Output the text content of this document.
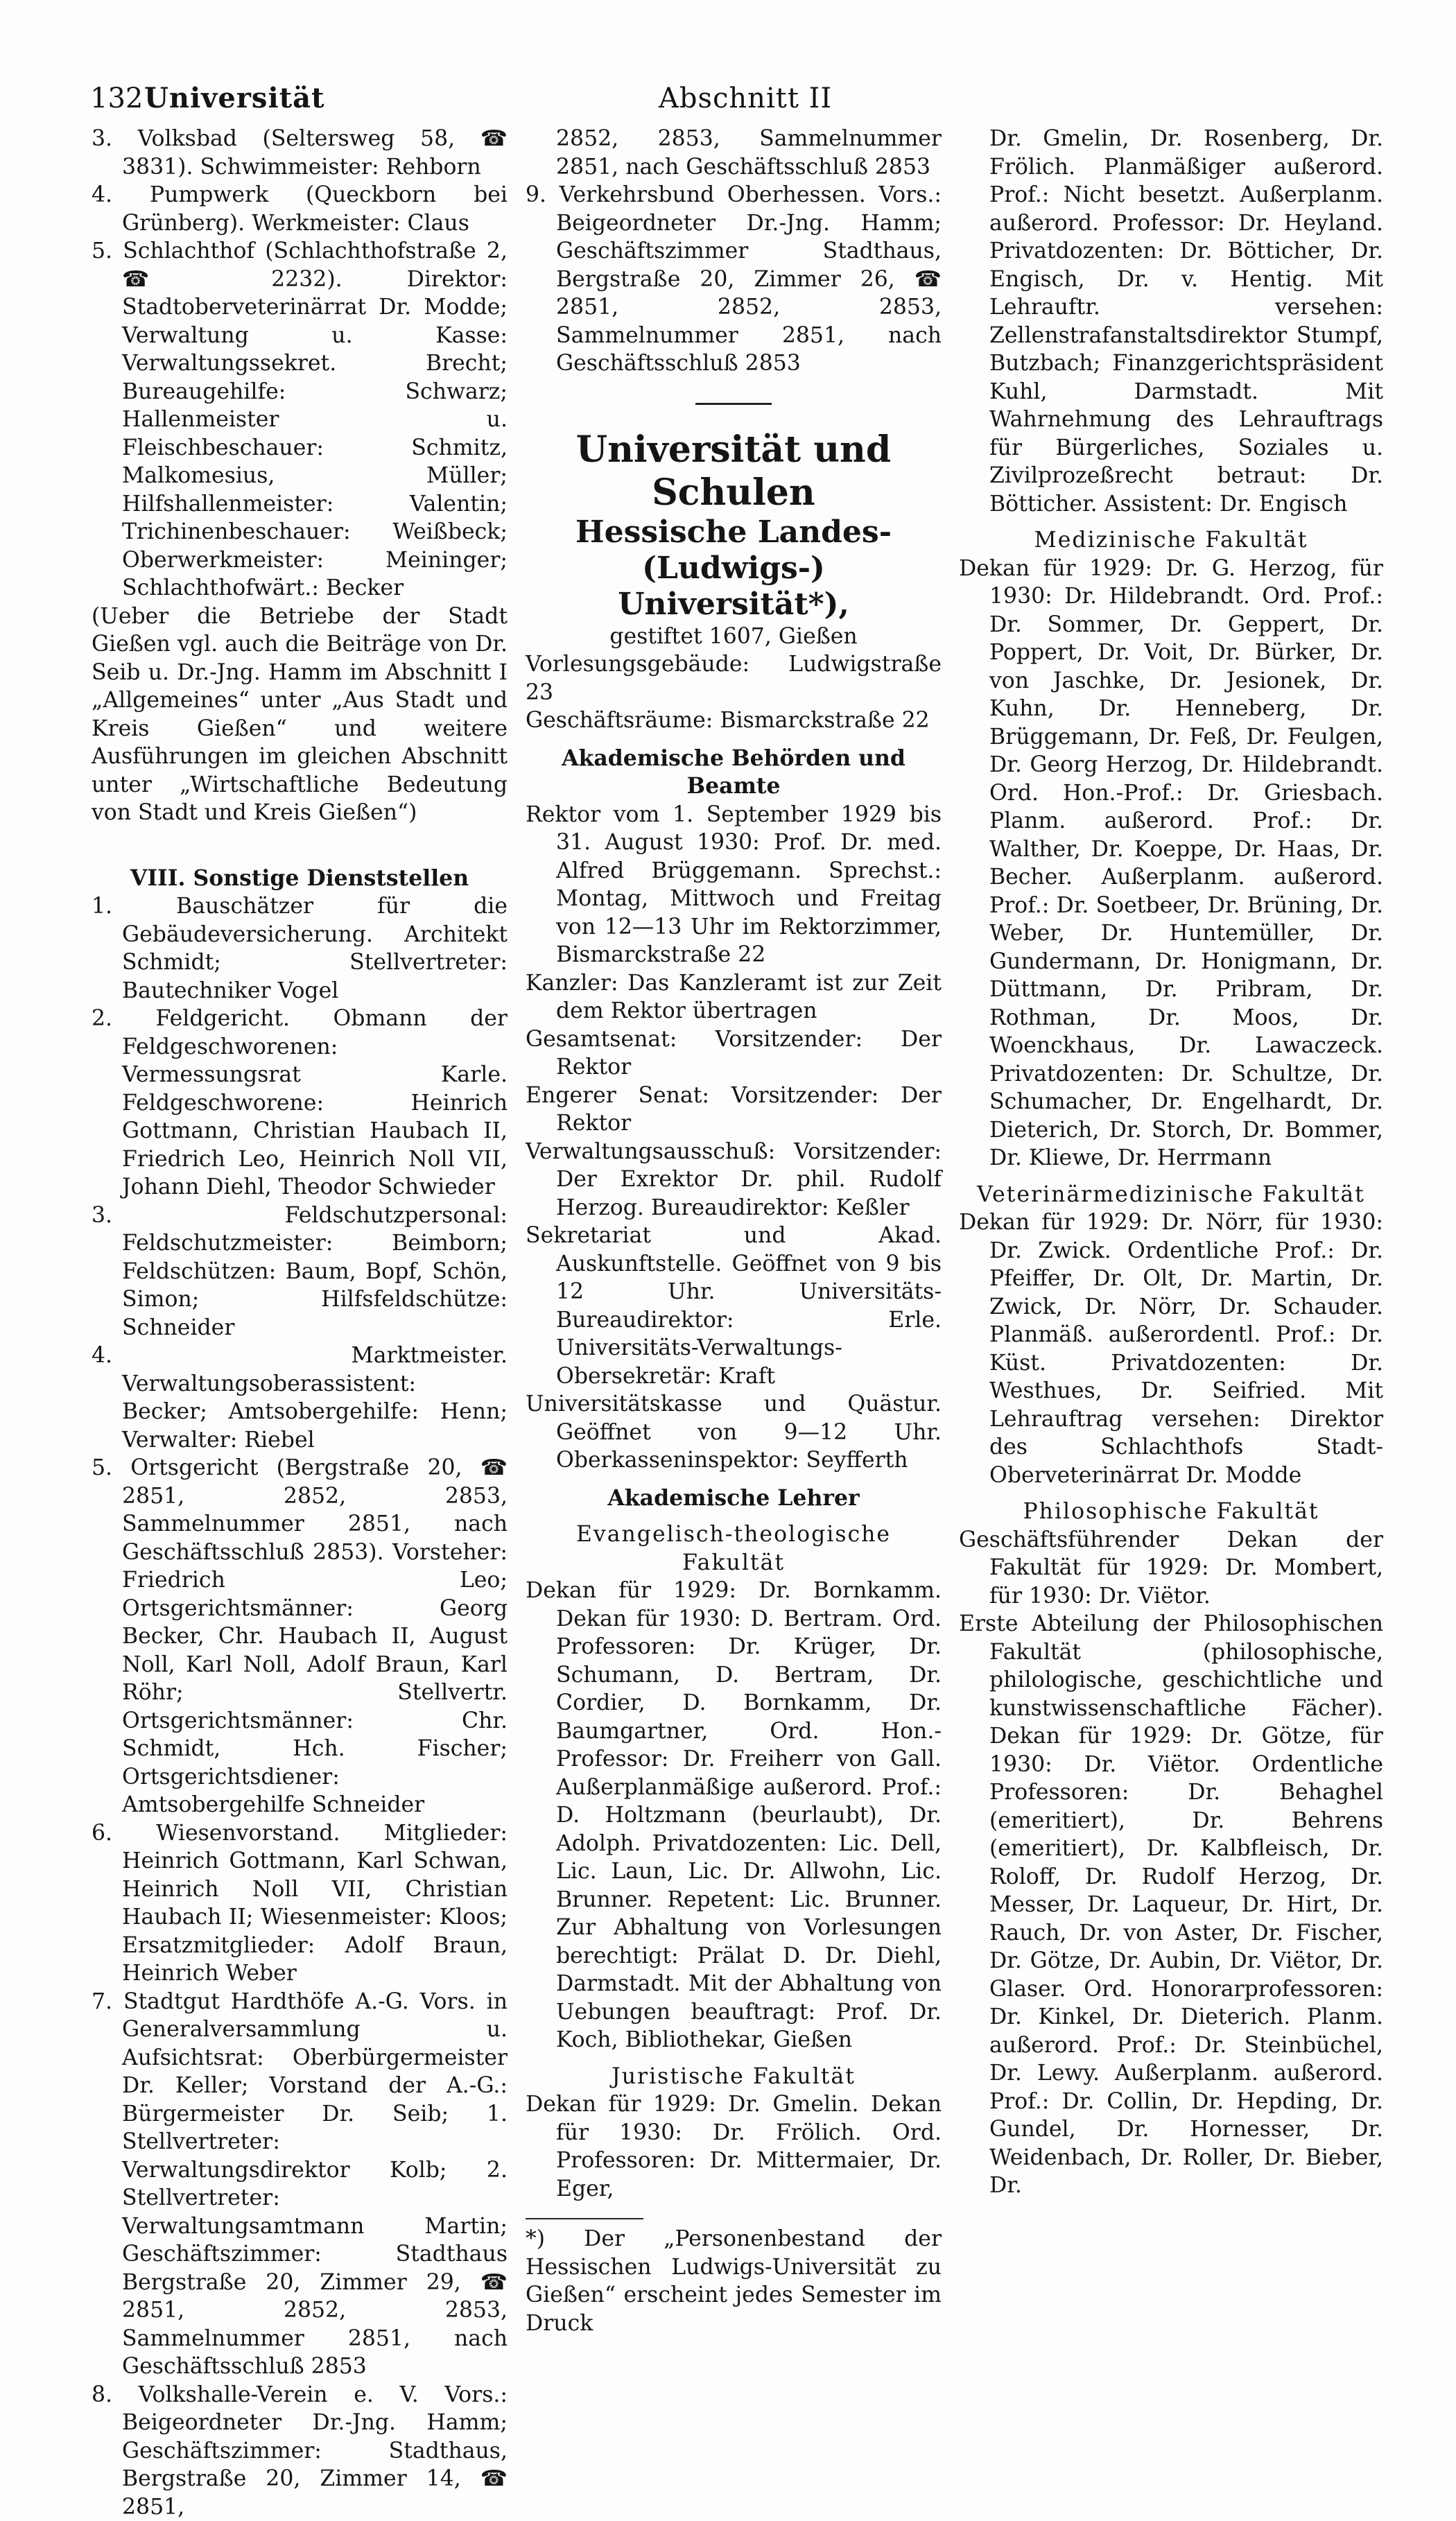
132 Universität	Abschnitt II

3. Volksbad (Seltersweg 58, ☎ 3831). Schwimmeister: Rehborn

4. Pumpwerk (Queckborn bei Grünberg). Werkmeister: Claus

5. Schlachthof (Schlachthofstraße 2, ☎ 2232). Direktor: Stadtoberveterinärrat Dr. Modde; Verwaltung u. Kasse: Verwaltungssekret. Brecht; Bureaugehilfe: Schwarz; Hallenmeister u. Fleischbeschauer: Schmitz, Malkomesius, Müller; Hilfshallenmeister: Valentin; Trichinenbeschauer: Weißbeck; Oberwerkmeister: Meininger; Schlachthofwärt.: Becker

(Ueber die Betriebe der Stadt Gießen vgl. auch die Beiträge von Dr. Seib u. Dr.-Jng. Hamm im Abschnitt I „Allgemeines“ unter „Aus Stadt und Kreis Gießen“ und weitere Ausführungen im gleichen Abschnitt unter „Wirtschaftliche Bedeutung von Stadt und Kreis Gießen“)

VIII. Sonstige Dienststellen

1. Bauschätzer für die Gebäudeversicherung. Architekt Schmidt; Stellvertreter: Bautechniker Vogel

2. Feldgericht. Obmann der Feldgeschworenen: Vermessungsrat Karle. Feldgeschworene: Heinrich Gottmann, Christian Haubach II, Friedrich Leo, Heinrich Noll VII, Johann Diehl, Theodor Schwieder

3. Feldschutzpersonal: Feldschutzmeister: Beimborn; Feldschützen: Baum, Bopf, Schön, Simon; Hilfsfeldschütze: Schneider

4. Marktmeister. Verwaltungsoberassistent: Becker; Amtsobergehilfe: Henn; Verwalter: Riebel

5. Ortsgericht (Bergstraße 20, ☎ 2851, 2852, 2853, Sammelnummer 2851, nach Geschäftsschluß 2853). Vorsteher: Friedrich Leo; Ortsgerichtsmänner: Georg Becker, Chr. Haubach II, August Noll, Karl Noll, Adolf Braun, Karl Röhr; Stellvertr. Ortsgerichtsmänner: Chr. Schmidt, Hch. Fischer; Ortsgerichtsdiener: Amtsobergehilfe Schneider

6. Wiesenvorstand. Mitglieder: Heinrich Gottmann, Karl Schwan, Heinrich Noll VII, Christian Haubach II; Wiesenmeister: Kloos; Ersatzmitglieder: Adolf Braun, Heinrich Weber

7. Stadtgut Hardthöfe A.-G. Vors. in Generalversammlung u. Aufsichtsrat: Oberbürgermeister Dr. Keller; Vorstand der A.-G.: Bürgermeister Dr. Seib; 1. Stellvertreter: Verwaltungsdirektor Kolb; 2. Stellvertreter: Verwaltungsamtmann Martin; Geschäftszimmer: Stadthaus Bergstraße 20, Zimmer 29, ☎ 2851, 2852, 2853, Sammelnummer 2851, nach Geschäftsschluß 2853

8. Volkshalle-Verein e. V. Vors.: Beigeordneter Dr.-Jng. Hamm; Geschäftszimmer: Stadthaus, Bergstraße 20, Zimmer 14, ☎ 2851,

2852, 2853, Sammelnummer 2851, nach Geschäftsschluß 2853

9. Verkehrsbund Oberhessen. Vors.: Beigeordneter Dr.-Jng. Hamm; Geschäftszimmer Stadthaus, Bergstraße 20, Zimmer 26, ☎ 2851, 2852, 2853, Sammelnummer 2851, nach Geschäftsschluß 2853

Universität und Schulen

Hessische Landes-

(Ludwigs-) Universität*),

gestiftet 1607, Gießen

Vorlesungsgebäude: Ludwigstraße 23

Geschäftsräume: Bismarckstraße 22

Akademische Behörden und Beamte

Rektor vom 1. September 1929 bis 31. August 1930: Prof. Dr. med. Alfred Brüggemann. Sprechst.: Montag, Mittwoch und Freitag von 12—13 Uhr im Rektorzimmer, Bismarckstraße 22

Kanzler: Das Kanzleramt ist zur Zeit dem Rektor übertragen

Gesamtsenat: Vorsitzender: Der Rektor

Engerer Senat: Vorsitzender: Der Rektor

Verwaltungsausschuß: Vorsitzender: Der Exrektor Dr. phil. Rudolf Herzog. Bureaudirektor: Keßler

Sekretariat und Akad. Auskunftstelle. Geöffnet von 9 bis 12 Uhr. Universitäts-Bureaudirektor: Erle. Universitäts-Verwaltungs-Obersekretär: Kraft

Universitätskasse und Quästur. Geöffnet von 9—12 Uhr. Oberkasseninspektor: Seyfferth

Akademische Lehrer

Evangelisch-theologische Fakultät

Dekan für 1929: Dr. Bornkamm. Dekan für 1930: D. Bertram. Ord. Professoren: Dr. Krüger, Dr. Schumann, D. Bertram, Dr. Cordier, D. Bornkamm, Dr. Baumgartner, Ord. Hon.-Professor: Dr. Freiherr von Gall. Außerplanmäßige außerord. Prof.: D. Holtzmann (beurlaubt), Dr. Adolph. Privatdozenten: Lic. Dell, Lic. Laun, Lic. Dr. Allwohn, Lic. Brunner. Repetent: Lic. Brunner. Zur Abhaltung von Vorlesungen berechtigt: Prälat D. Dr. Diehl, Darmstadt. Mit der Abhaltung von Uebungen beauftragt: Prof. Dr. Koch, Bibliothekar, Gießen

Juristische Fakultät

Dekan für 1929: Dr. Gmelin. Dekan für 1930: Dr. Frölich. Ord. Professoren: Dr. Mittermaier, Dr. Eger,

*) Der „Personenbestand der Hessischen Ludwigs-Universität zu Gießen“ erscheint jedes Semester im Druck

Dr. Gmelin, Dr. Rosenberg, Dr. Frölich. Planmäßiger außerord. Prof.: Nicht besetzt. Außerplanm. außerord. Professor: Dr. Heyland. Privatdozenten: Dr. Bötticher, Dr. Engisch, Dr. v. Hentig. Mit Lehrauftr. versehen: Zellenstrafanstaltsdirektor Stumpf, Butzbach; Finanzgerichtspräsident Kuhl, Darmstadt. Mit Wahrnehmung des Lehrauftrags für Bürgerliches, Soziales u. Zivilprozeßrecht betraut: Dr. Bötticher. Assistent: Dr. Engisch

Medizinische Fakultät

Dekan für 1929: Dr. G. Herzog, für 1930: Dr. Hildebrandt. Ord. Prof.: Dr. Sommer, Dr. Geppert, Dr. Poppert, Dr. Voit, Dr. Bürker, Dr. von Jaschke, Dr. Jesionek, Dr. Kuhn, Dr. Henneberg, Dr. Brüggemann, Dr. Feß, Dr. Feulgen, Dr. Georg Herzog, Dr. Hildebrandt. Ord. Hon.-Prof.: Dr. Griesbach. Planm. außerord. Prof.: Dr. Walther, Dr. Koeppe, Dr. Haas, Dr. Becher. Außerplanm. außerord. Prof.: Dr. Soetbeer, Dr. Brüning, Dr. Weber, Dr. Huntemüller, Dr. Gundermann, Dr. Honigmann, Dr. Düttmann, Dr. Pribram, Dr. Rothman, Dr. Moos, Dr. Woenckhaus, Dr. Lawaczeck. Privatdozenten: Dr. Schultze, Dr. Schumacher, Dr. Engelhardt, Dr. Dieterich, Dr. Storch, Dr. Bommer, Dr. Kliewe, Dr. Herrmann

Veterinärmedizinische Fakultät

Dekan für 1929: Dr. Nörr, für 1930: Dr. Zwick. Ordentliche Prof.: Dr. Pfeiffer, Dr. Olt, Dr. Martin, Dr. Zwick, Dr. Nörr, Dr. Schauder. Planmäß. außerordentl. Prof.: Dr. Küst. Privatdozenten: Dr. Westhues, Dr. Seifried. Mit Lehrauftrag versehen: Direktor des Schlachthofs Stadt-Oberveterinärrat Dr. Modde

Philosophische Fakultät

Geschäftsführender Dekan der Fakultät für 1929: Dr. Mombert, für 1930: Dr. Viëtor.

Erste Abteilung der Philosophischen Fakultät (philosophische, philologische, geschichtliche und kunstwissenschaftliche Fächer). Dekan für 1929: Dr. Götze, für 1930: Dr. Viëtor. Ordentliche Professoren: Dr. Behaghel (emeritiert), Dr. Behrens (emeritiert), Dr. Kalbfleisch, Dr. Roloff, Dr. Rudolf Herzog, Dr. Messer, Dr. Laqueur, Dr. Hirt, Dr. Rauch, Dr. von Aster, Dr. Fischer, Dr. Götze, Dr. Aubin, Dr. Viëtor, Dr. Glaser. Ord. Honorarprofessoren: Dr. Kinkel, Dr. Dieterich. Planm. außerord. Prof.: Dr. Steinbüchel, Dr. Lewy. Außerplanm. außerord. Prof.: Dr. Collin, Dr. Hepding, Dr. Gundel, Dr. Hornesser, Dr. Weidenbach, Dr. Roller, Dr. Bieber, Dr.
